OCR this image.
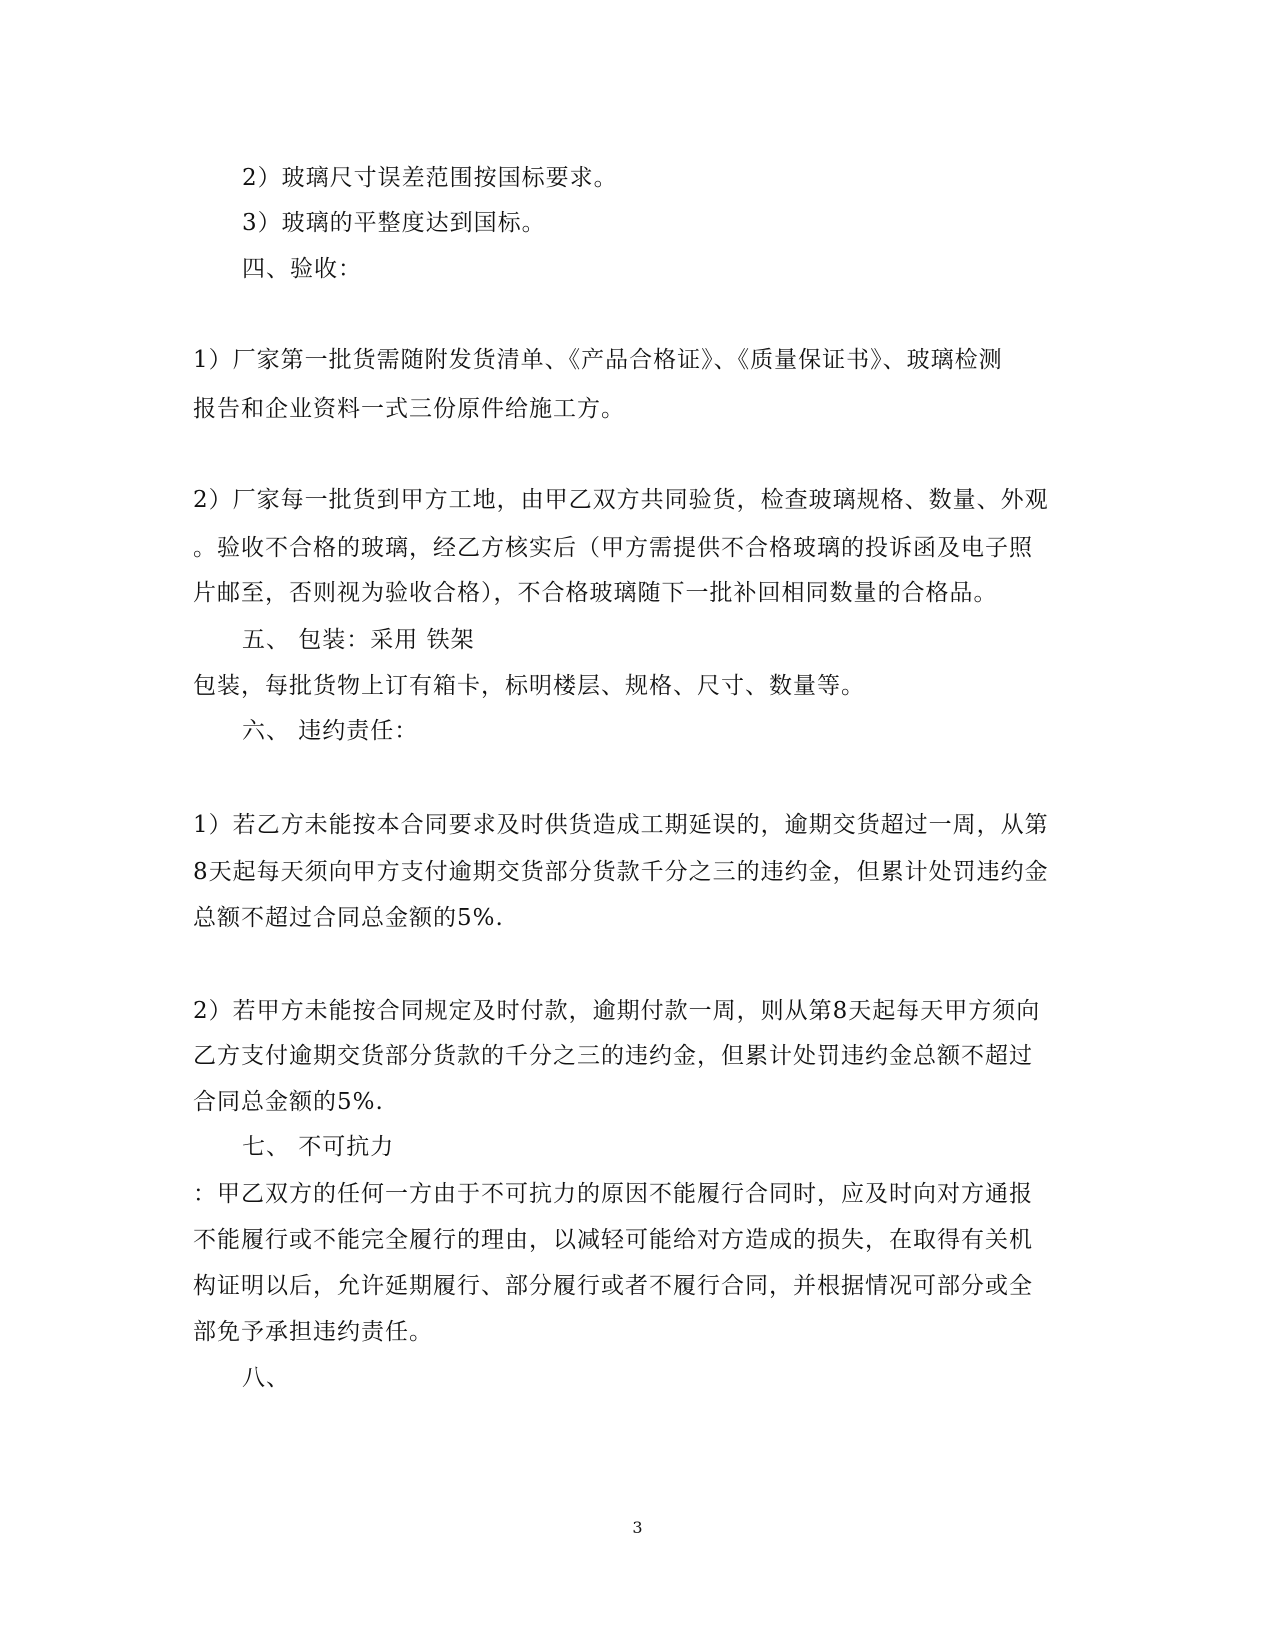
2）玻璃尺寸误差范围按国标要求。
3）玻璃的平整度达到国标。
四、验收：
1）厂家第一批货需随附发货清单、《产品合格证》、《质量保证书》、玻璃检测
报告和企业资料一式三份原件给施工方。
2）厂家每一批货到甲方工地，由甲乙双方共同验货，检查玻璃规格、数量、外观
。验收不合格的玻璃，经乙方核实后（甲方需提供不合格玻璃的投诉函及电子照
片邮至，否则视为验收合格），不合格玻璃随下一批补回相同数量的合格品。
五、 包装：采用 铁架
包装，每批货物上订有箱卡，标明楼层、规格、尺寸、数量等。
六、 违约责任：
1）若乙方未能按本合同要求及时供货造成工期延误的，逾期交货超过一周，从第
8天起每天须向甲方支付逾期交货部分货款千分之三的违约金，但累计处罚违约金
总额不超过合同总金额的5%.
2）若甲方未能按合同规定及时付款，逾期付款一周，则从第8天起每天甲方须向
乙方支付逾期交货部分货款的千分之三的违约金，但累计处罚违约金总额不超过
合同总金额的5%.
七、 不可抗力
：甲乙双方的任何一方由于不可抗力的原因不能履行合同时，应及时向对方通报
不能履行或不能完全履行的理由，以减轻可能给对方造成的损失，在取得有关机
构证明以后，允许延期履行、部分履行或者不履行合同，并根据情况可部分或全
部免予承担违约责任。
八、
3
